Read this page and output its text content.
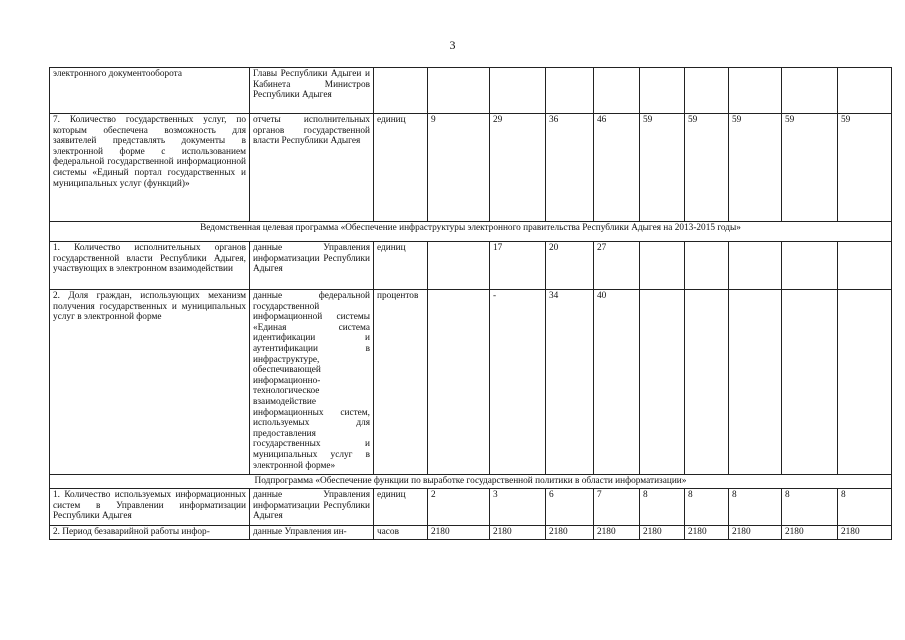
3
электронного документооборота	Главы Республики Адыгеи и Кабинета Министров Республики Адыгея										
7. Количество государственных услуг, по которым обеспечена возможность для заявителей представлять документы в электронной форме с использованием федеральной государственной информационной системы «Единый портал государственных и муниципальных услуг (функций)»	отчеты исполнительных органов государственной власти Республики Адыгея	единиц	9	29	36	46	59	59	59	59	59
Ведомственная целевая программа «Обеспечение инфраструктуры электронного правительства Республики Адыгея на 2013-2015 годы»											
1. Количество исполнительных органов государственной власти Республики Адыгея, участвующих в электронном взаимодействии	данные Управления информатизации Республики Адыгея	единиц		17	20	27					
2. Доля граждан, использующих механизм получения государственных и муниципальных услуг в электронной форме	данные федеральной государственной информационной системы «Единая система идентификации и аутентификации в инфраструктуре, обеспечивающей информационно-технологическое взаимодействие информационных систем, используемых для предоставления государственных и муниципальных услуг в электронной форме»	процентов		-	34	40					
Подпрограмма «Обеспечение функции по выработке государственной политики в области информатизации»											
1. Количество используемых информационных систем в Управлении информатизации Республики Адыгея	данные Управления информатизации Республики Адыгея	единиц	2	3	6	7	8	8	8	8	8
2. Период безаварийной работы инфор-	данные Управления ин-	часов	2180	2180	2180	2180	2180	2180	2180	2180	2180
